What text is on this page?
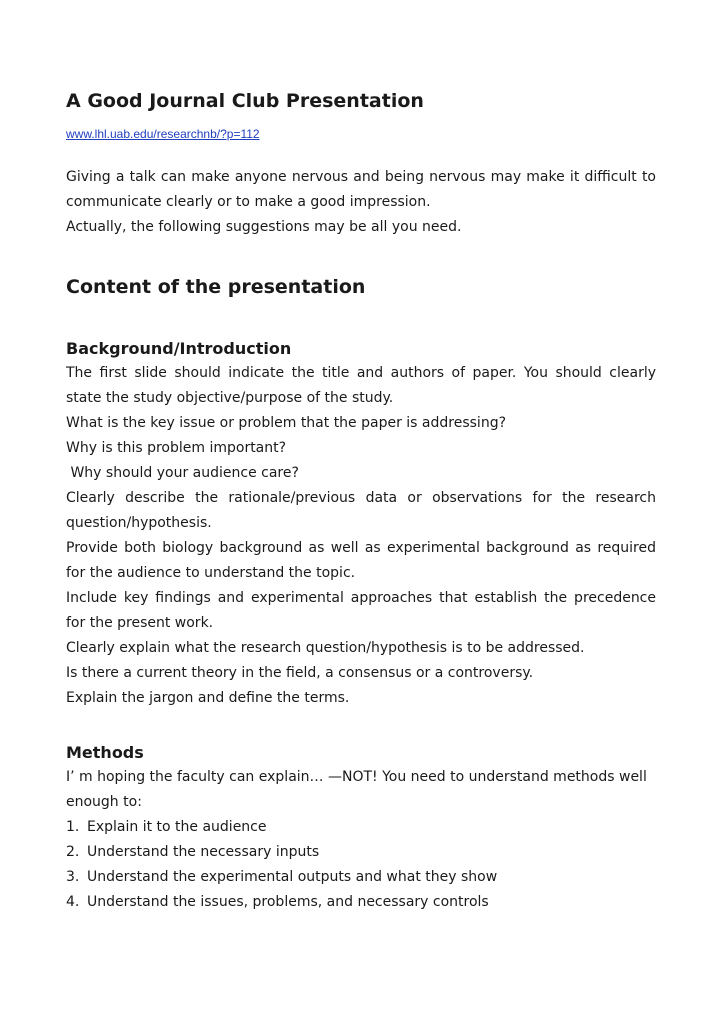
A Good Journal Club Presentation
www.lhl.uab.edu/researchnb/?p=112

Giving a talk can make anyone nervous and being nervous may make it difficult to communicate clearly or to make a good impression.

Actually, the following suggestions may be all you need.
Content of the presentation
Background/Introduction

The first slide should indicate the title and authors of paper. You should clearly state the study objective/purpose of the study.

What is the key issue or problem that the paper is addressing?
Why is this problem important?
Why should your audience care?

Clearly describe the rationale/previous data or observations for the research question/hypothesis.

Provide both biology background as well as experimental background as required for the audience to understand the topic.

Include key findings and experimental approaches that establish the precedence for the present work.

Clearly explain what the research question/hypothesis is to be addressed.
Is there a current theory in the field, a consensus or a controversy.
Explain the jargon and define the terms.
Methods

I’ m hoping the faculty can explain… —NOT! You need to understand methods well enough to:

1. Explain it to the audience
2. Understand the necessary inputs
3. Understand the experimental outputs and what they show
4. Understand the issues, problems, and necessary controls
